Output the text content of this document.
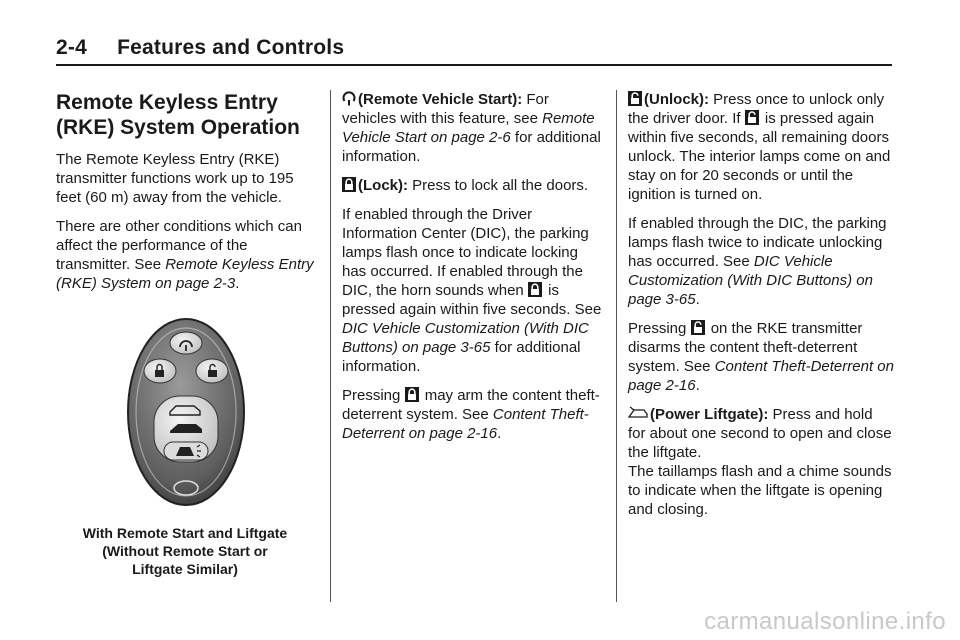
2-4     Features and Controls
Remote Keyless Entry (RKE) System Operation

The Remote Keyless Entry (RKE) transmitter functions work up to 195 feet (60 m) away from the vehicle.

There are other conditions which can affect the performance of the transmitter. See Remote Keyless Entry (RKE) System on page 2-3.

With Remote Start and Liftgate
(Without Remote Start or
Liftgate Similar)

(Remote Vehicle Start): For vehicles with this feature, see Remote Vehicle Start on page 2-6 for additional information.

(Lock): Press to lock all the doors.

If enabled through the Driver Information Center (DIC), the parking lamps flash once to indicate locking has occurred. If enabled through the DIC, the horn sounds when
is pressed again within five seconds. See DIC Vehicle Customization (With DIC Buttons) on page 3-65 for additional information.

Pressing
may arm the content theft-deterrent system. See Content Theft-Deterrent on page 2-16.

(Unlock): Press once to unlock only the driver door. If
is pressed again within five seconds, all remaining doors unlock. The interior lamps come on and stay on for 20 seconds or until the ignition is turned on.

If enabled through the DIC, the parking lamps flash twice to indicate unlocking has occurred. See DIC Vehicle Customization (With DIC Buttons) on page 3-65.

Pressing
on the RKE transmitter disarms the content theft-deterrent system. See Content Theft-Deterrent on page 2-16.

(Power Liftgate): Press and hold for about one second to open and close the liftgate.

The taillamps flash and a chime sounds to indicate when the liftgate is opening and closing.

carmanualsonline.info
